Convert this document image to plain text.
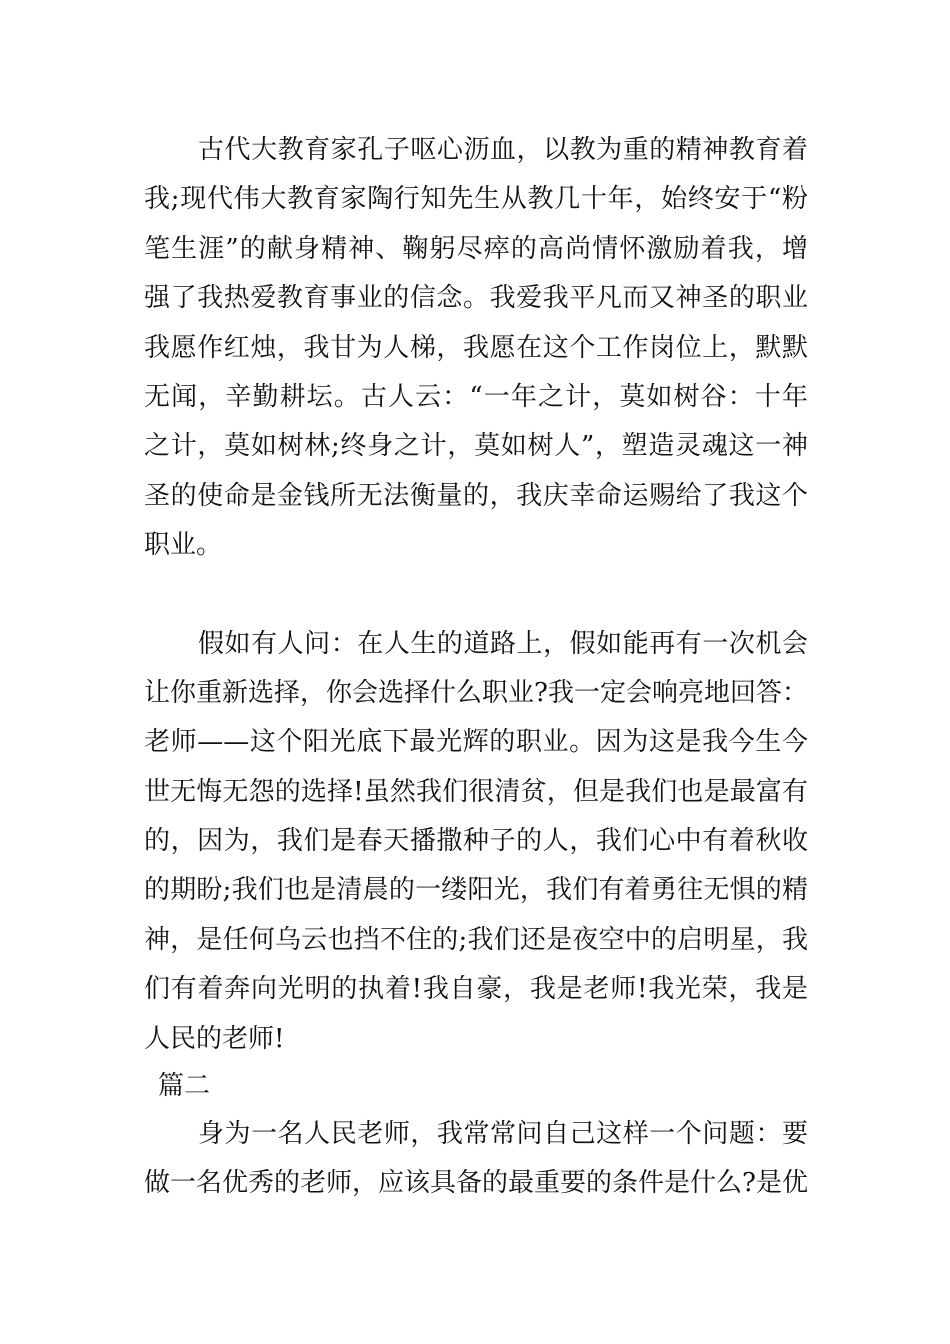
古代大教育家孔子呕心沥血，以教为重的精神教育着
我;现代伟大教育家陶行知先生从教几十年，始终安于“粉
笔生涯”的献身精神、鞠躬尽瘁的高尚情怀激励着我，增
强了我热爱教育事业的信念。我爱我平凡而又神圣的职业
我愿作红烛，我甘为人梯，我愿在这个工作岗位上，默默
无闻，辛勤耕坛。古人云：“一年之计，莫如树谷：十年
之计，莫如树林;终身之计，莫如树人”，塑造灵魂这一神
圣的使命是金钱所无法衡量的，我庆幸命运赐给了我这个
职业。
假如有人问：在人生的道路上，假如能再有一次机会
让你重新选择，你会选择什么职业?我一定会响亮地回答：
老师——这个阳光底下最光辉的职业。因为这是我今生今
世无悔无怨的选择!虽然我们很清贫，但是我们也是最富有
的，因为，我们是春天播撒种子的人，我们心中有着秋收
的期盼;我们也是清晨的一缕阳光，我们有着勇往无惧的精
神，是任何乌云也挡不住的;我们还是夜空中的启明星，我
们有着奔向光明的执着!我自豪，我是老师!我光荣，我是
人民的老师!
篇二
身为一名人民老师，我常常问自己这样一个问题：要
做一名优秀的老师，应该具备的最重要的条件是什么?是优
